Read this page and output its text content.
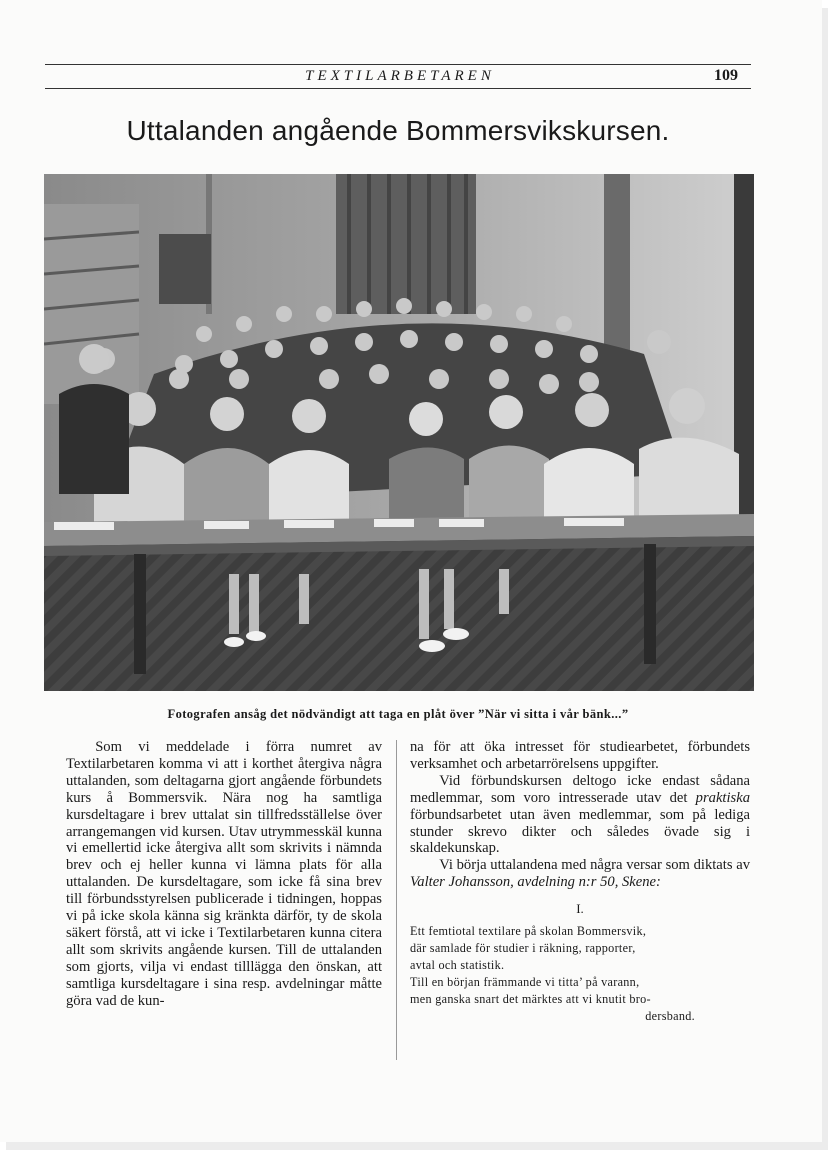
TEXTILARBETAREN	109
Uttalanden angående Bommersvikskursen.
Fotografen ansåg det nödvändigt att taga en plåt över ”När vi sitta i vår bänk...”

Som vi meddelade i förra numret av Textilarbetaren komma vi att i korthet återgiva några uttalanden, som deltagarna gjort angående förbundets kurs å Bommersvik. Nära nog ha samtliga kursdeltagare i brev uttalat sin tillfredsställelse över arrangemangen vid kursen. Utav utrymmesskäl kunna vi emellertid icke återgiva allt som skrivits i nämnda brev och ej heller kunna vi lämna plats för alla uttalanden. De kursdeltagare, som icke få sina brev till förbundsstyrelsen publicerade i tidningen, hoppas vi på icke skola känna sig kränkta därför, ty de skola säkert förstå, att vi icke i Textilarbetaren kunna citera allt som skrivits angående kursen. Till de uttalanden som gjorts, vilja vi endast tilllägga den önskan, att samtliga kursdeltagare i sina resp. avdelningar måtte göra vad de kun-

na för att öka intresset för studiearbetet, förbundets verksamhet och arbetarrörelsens uppgifter.

Vid förbundskursen deltogo icke endast sådana medlemmar, som voro intresserade utav det praktiska förbundsarbetet utan även medlemmar, som på lediga stunder skrevo dikter och således övade sig i skaldekunskap.

Vi börja uttalandena med några versar som diktats av Valter Johansson, avdelning n:r 50, Skene:

I.
Ett femtiotal textilare på skolan Bommersvik,
där samlade för studier i räkning, rapporter,
avtal och statistik.
Till en början främmande vi titta’ på varann,
men ganska snart det märktes att vi knutit bro-
dersband.
